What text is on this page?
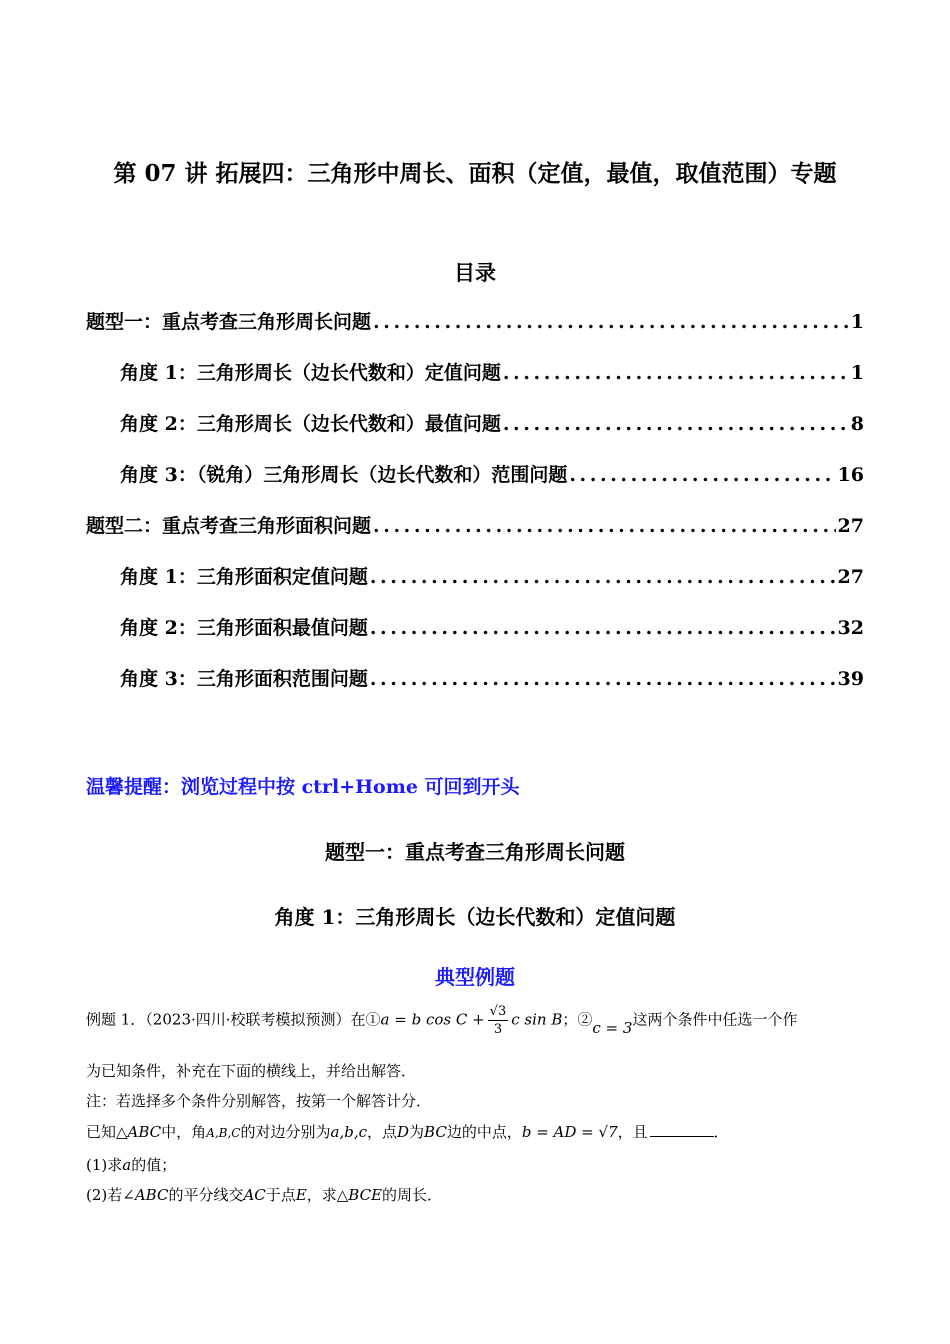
第 07 讲 拓展四：三角形中周长、面积（定值，最值，取值范围）专题
目录
题型一：重点考查三角形周长问题 .....	1
角度 1：三角形周长（边长代数和）定值问题 .....	1
角度 2：三角形周长（边长代数和）最值问题 .....	8
角度 3：（锐角）三角形周长（边长代数和）范围问题 .....	16
题型二：重点考查三角形面积问题 .....	27
角度 1：三角形面积定值问题 .....	27
角度 2：三角形面积最值问题 .....	32
角度 3：三角形面积范围问题 .....	39
温馨提醒：浏览过程中按 ctrl+Home 可回到开头
题型一：重点考查三角形周长问题
角度 1：三角形周长（边长代数和）定值问题
典型例题
例题 1．（2023·四川·校联考模拟预测）在①a = b $\cos C + \frac{√3}{3}$ c sin B；②c = 3这两个条件中任选一个作
为已知条件，补充在下面的横线上，并给出解答．
注：若选择多个条件分别解答，按第一个解答计分．
已知△ABC中，角A,B,C的对边分别为a,b,c，点D为BC边的中点，b = AD = √7，且	．
(1)求a的值；
(2)若∠ABC的平分线交AC于点E，求△BCE的周长．
